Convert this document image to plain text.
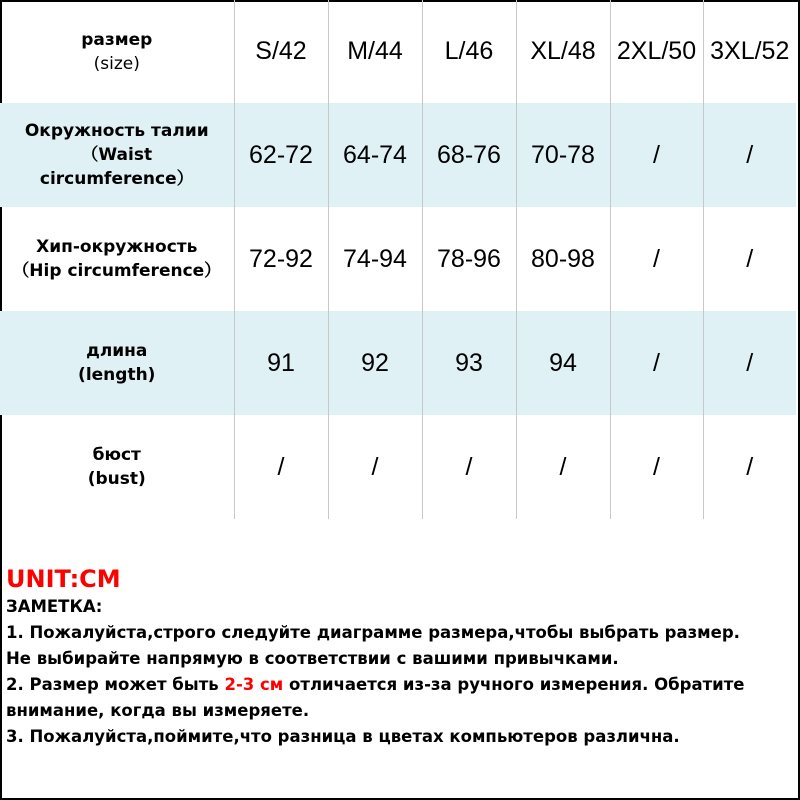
размер
(size)	S/42	M/44	L/46	XL/48	2XL/50	3XL/52

Окружность талии
（Waist
circumference）	62-72	64-74	68-76	70-78	/	/

Хип-окружность
（Hip circumference）	72-92	74-94	78-96	80-98	/	/

длина
(length)	91	92	93	94	/	/

бюст
(bust)	/	/	/	/	/	/
UNIT:CM
ЗАМЕТКА:
1. Пожалуйста,строго следуйте диаграмме размера,чтобы выбрать размер.
Не выбирайте напрямую в соответствии с вашими привычками.
2. Размер может быть 2-3 см отличается из-за ручного измерения. Обратите
внимание, когда вы измеряете.
3. Пожалуйста,поймите,что разница в цветах компьютеров различна.
